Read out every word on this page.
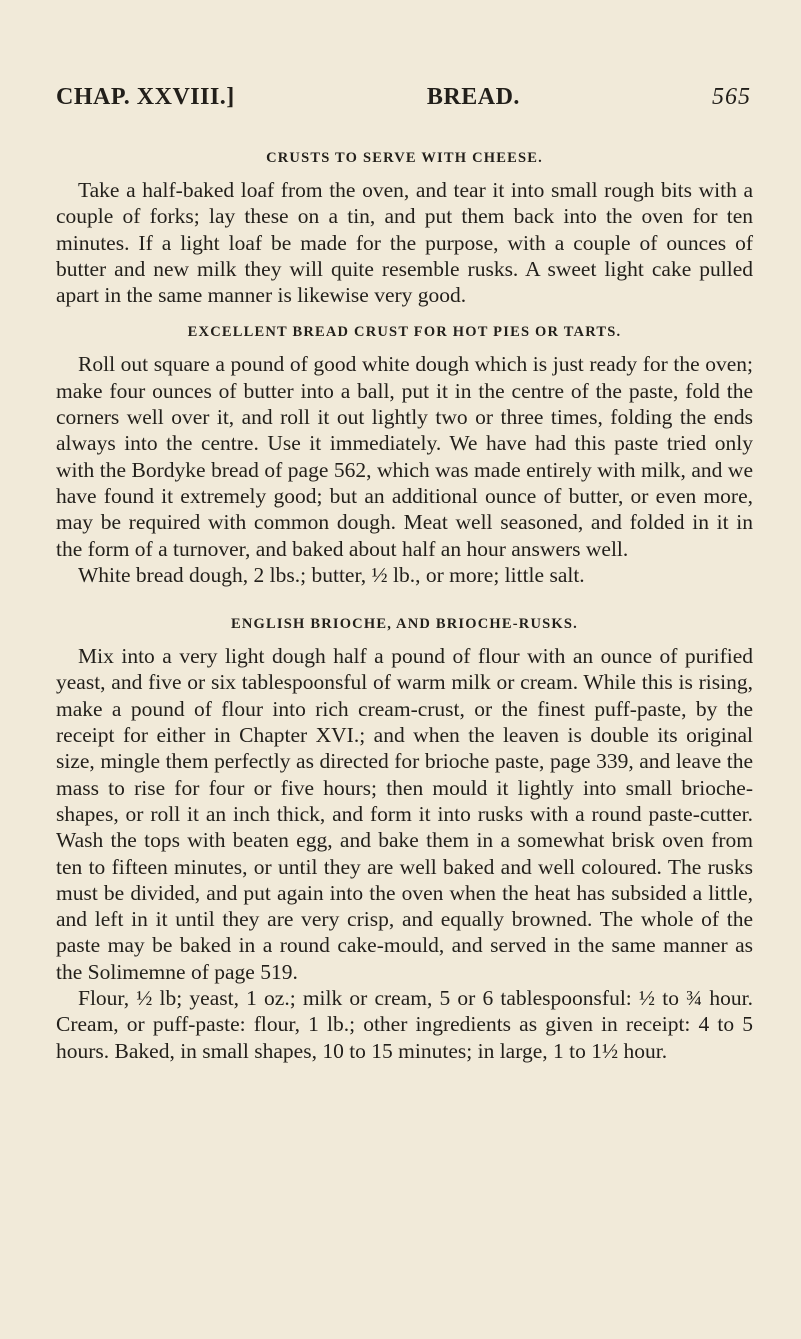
CHAP. XXVIII.]	BREAD.	565
CRUSTS TO SERVE WITH CHEESE.

Take a half-baked loaf from the oven, and tear it into small rough bits with a couple of forks; lay these on a tin, and put them back into the oven for ten minutes. If a light loaf be made for the purpose, with a couple of ounces of butter and new milk they will quite resemble rusks. A sweet light cake pulled apart in the same manner is likewise very good.

EXCELLENT BREAD CRUST FOR HOT PIES OR TARTS.

Roll out square a pound of good white dough which is just ready for the oven; make four ounces of butter into a ball, put it in the centre of the paste, fold the corners well over it, and roll it out lightly two or three times, folding the ends always into the centre. Use it immediately. We have had this paste tried only with the Bordyke bread of page 562, which was made entirely with milk, and we have found it extremely good; but an additional ounce of butter, or even more, may be required with common dough. Meat well seasoned, and folded in it in the form of a turnover, and baked about half an hour answers well.

White bread dough, 2 lbs.; butter, ½ lb., or more; little salt.

ENGLISH BRIOCHE, AND BRIOCHE-RUSKS.

Mix into a very light dough half a pound of flour with an ounce of purified yeast, and five or six tablespoonsful of warm milk or cream. While this is rising, make a pound of flour into rich cream-crust, or the finest puff-paste, by the receipt for either in Chapter XVI.; and when the leaven is double its original size, mingle them perfectly as directed for brioche paste, page 339, and leave the mass to rise for four or five hours; then mould it lightly into small brioche-shapes, or roll it an inch thick, and form it into rusks with a round paste-cutter. Wash the tops with beaten egg, and bake them in a somewhat brisk oven from ten to fifteen minutes, or until they are well baked and well coloured. The rusks must be divided, and put again into the oven when the heat has subsided a little, and left in it until they are very crisp, and equally browned. The whole of the paste may be baked in a round cake-mould, and served in the same manner as the Solimemne of page 519.

Flour, ½ lb; yeast, 1 oz.; milk or cream, 5 or 6 tablespoonsful: ½ to ¾ hour. Cream, or puff-paste: flour, 1 lb.; other ingredients as given in receipt: 4 to 5 hours. Baked, in small shapes, 10 to 15 minutes; in large, 1 to 1½ hour.
